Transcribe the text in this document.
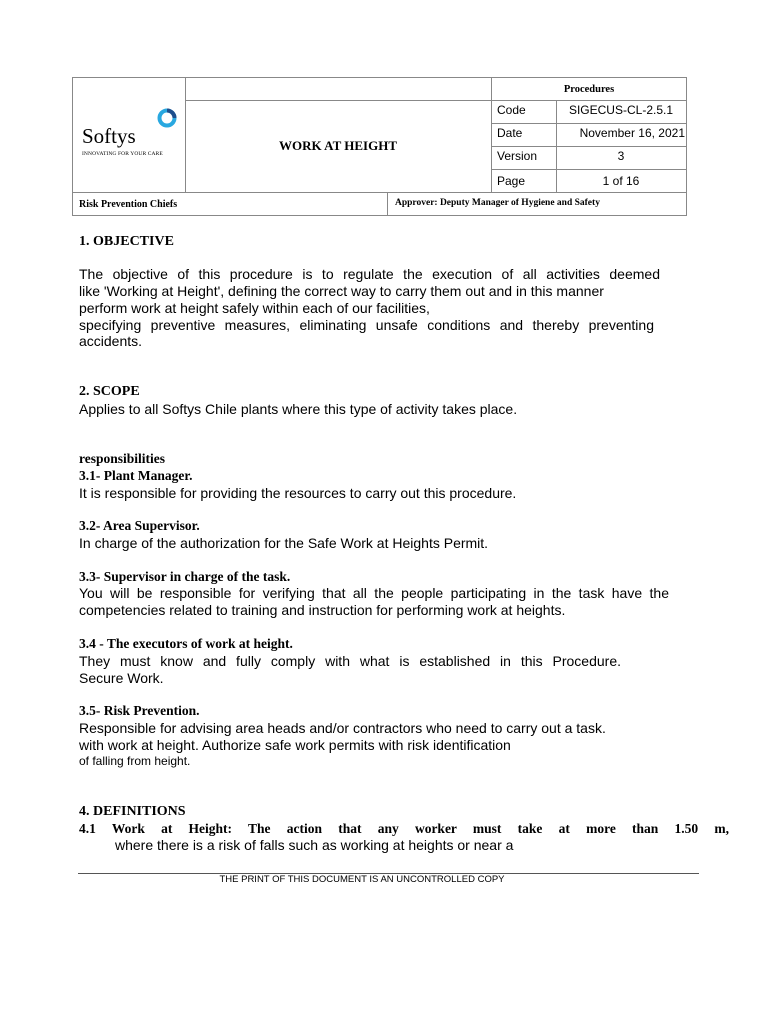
Softys
INNOVATING FOR YOUR CARE
WORK AT HEIGHT
Procedures
Code	SIGECUS-CL-2.5.1
Date	November 16, 2021
Version	3
Page	1 of 16
Risk Prevention Chiefs	Approver: Deputy Manager of Hygiene and Safety
1. OBJECTIVE
The objective of this procedure is to regulate the execution of all activities deemed
like 'Working at Height', defining the correct way to carry them out and in this manner
perform work at height safely within each of our facilities,
specifying preventive measures, eliminating unsafe conditions and thereby preventing
accidents.
2. SCOPE
Applies to all Softys Chile plants where this type of activity takes place.
responsibilities
3.1- Plant Manager.
It is responsible for providing the resources to carry out this procedure.
3.2- Area Supervisor.
In charge of the authorization for the Safe Work at Heights Permit.
3.3- Supervisor in charge of the task.
You will be responsible for verifying that all the people participating in the task have the
competencies related to training and instruction for performing work at heights.
3.4 - The executors of work at height.
They must know and fully comply with what is established in this Procedure.
Secure Work.
3.5- Risk Prevention.
Responsible for advising area heads and/or contractors who need to carry out a task.
with work at height. Authorize safe work permits with risk identification
of falling from height.
4. DEFINITIONS
4.1 Work at Height: The action that any worker must take at more than 1.50 m,
where there is a risk of falls such as working at heights or near a
THE PRINT OF THIS DOCUMENT IS AN UNCONTROLLED COPY
